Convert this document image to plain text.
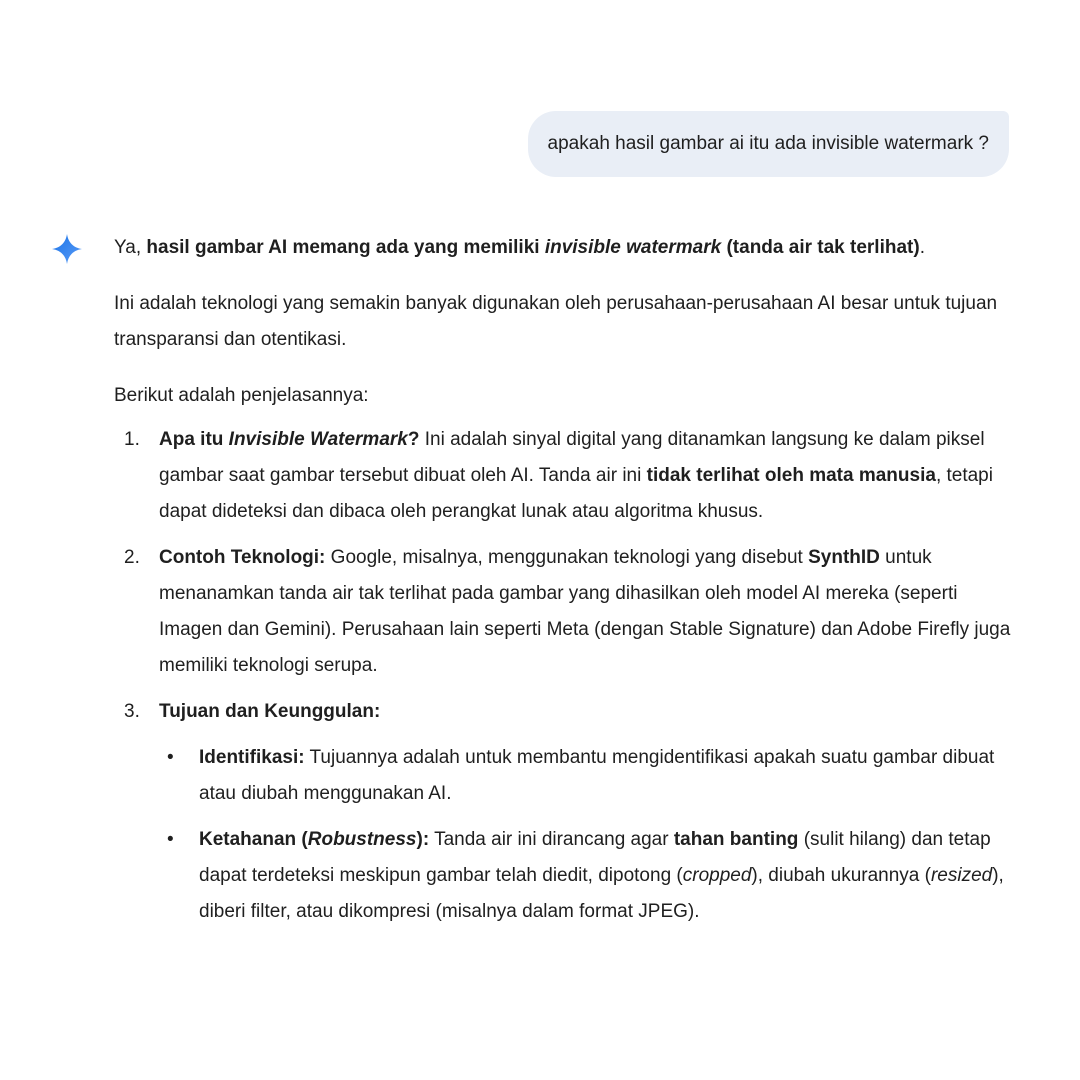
apakah hasil gambar ai itu ada invisible watermark ?

Ya, hasil gambar AI memang ada yang memiliki invisible watermark (tanda air tak terlihat).

Ini adalah teknologi yang semakin banyak digunakan oleh perusahaan-perusahaan AI besar untuk tujuan transparansi dan otentikasi.

Berikut adalah penjelasannya:

1.	Apa itu Invisible Watermark? Ini adalah sinyal digital yang ditanamkan langsung ke dalam piksel gambar saat gambar tersebut dibuat oleh AI. Tanda air ini tidak terlihat oleh mata manusia, tetapi dapat dideteksi dan dibaca oleh perangkat lunak atau algoritma khusus.
2.	Contoh Teknologi: Google, misalnya, menggunakan teknologi yang disebut SynthID untuk menanamkan tanda air tak terlihat pada gambar yang dihasilkan oleh model AI mereka (seperti Imagen dan Gemini). Perusahaan lain seperti Meta (dengan Stable Signature) dan Adobe Firefly juga memiliki teknologi serupa.
3.	Tujuan dan Keunggulan:
• Identifikasi: Tujuannya adalah untuk membantu mengidentifikasi apakah suatu gambar dibuat atau diubah menggunakan AI.
• Ketahanan (Robustness): Tanda air ini dirancang agar tahan banting (sulit hilang) dan tetap dapat terdeteksi meskipun gambar telah diedit, dipotong (cropped), diubah ukurannya (resized), diberi filter, atau dikompresi (misalnya dalam format JPEG).
